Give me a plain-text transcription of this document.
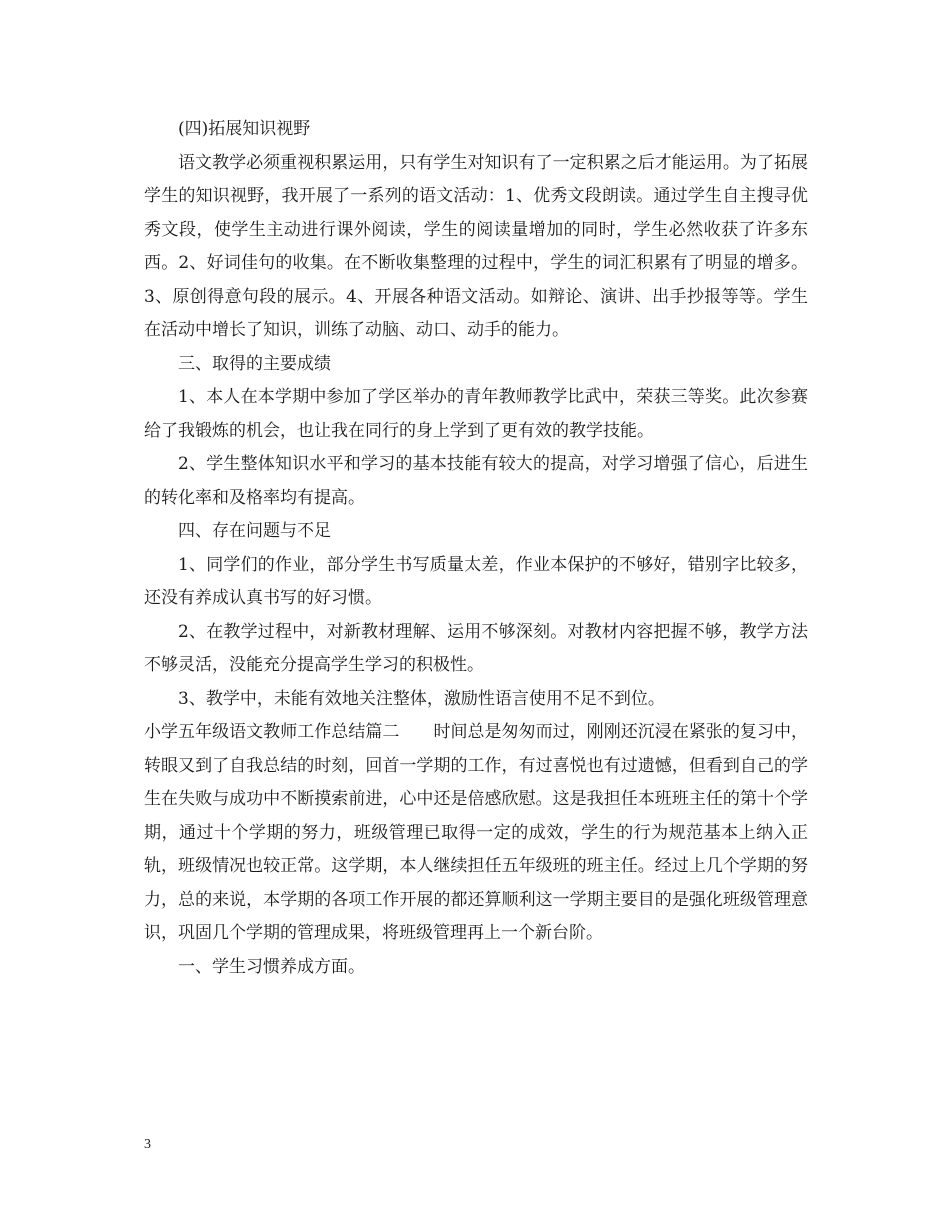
(四)拓展知识视野

语文教学必须重视积累运用，只有学生对知识有了一定积累之后才能运用。为了拓展学生的知识视野，我开展了一系列的语文活动：1、优秀文段朗读。通过学生自主搜寻优秀文段，使学生主动进行课外阅读，学生的阅读量增加的同时，学生必然收获了许多东西。2、好词佳句的收集。在不断收集整理的过程中，学生的词汇积累有了明显的增多。3、原创得意句段的展示。4、开展各种语文活动。如辩论、演讲、出手抄报等等。学生在活动中增长了知识，训练了动脑、动口、动手的能力。

三、取得的主要成绩

1、本人在本学期中参加了学区举办的青年教师教学比武中，荣获三等奖。此次参赛给了我锻炼的机会，也让我在同行的身上学到了更有效的教学技能。

2、学生整体知识水平和学习的基本技能有较大的提高，对学习增强了信心，后进生的转化率和及格率均有提高。

四、存在问题与不足

1、同学们的作业，部分学生书写质量太差，作业本保护的不够好，错别字比较多，还没有养成认真书写的好习惯。

2、在教学过程中，对新教材理解、运用不够深刻。对教材内容把握不够，教学方法不够灵活，没能充分提高学生学习的积极性。

3、教学中，未能有效地关注整体，激励性语言使用不足不到位。

小学五年级语文教师工作总结篇二　　时间总是匆匆而过，刚刚还沉浸在紧张的复习中，转眼又到了自我总结的时刻，回首一学期的工作，有过喜悦也有过遗憾，但看到自己的学生在失败与成功中不断摸索前进，心中还是倍感欣慰。这是我担任本班班主任的第十个学期，通过十个学期的努力，班级管理已取得一定的成效，学生的行为规范基本上纳入正轨，班级情况也较正常。这学期，本人继续担任五年级班的班主任。经过上几个学期的努力，总的来说，本学期的各项工作开展的都还算顺利这一学期主要目的是强化班级管理意识，巩固几个学期的管理成果，将班级管理再上一个新台阶。

一、学生习惯养成方面。

3
